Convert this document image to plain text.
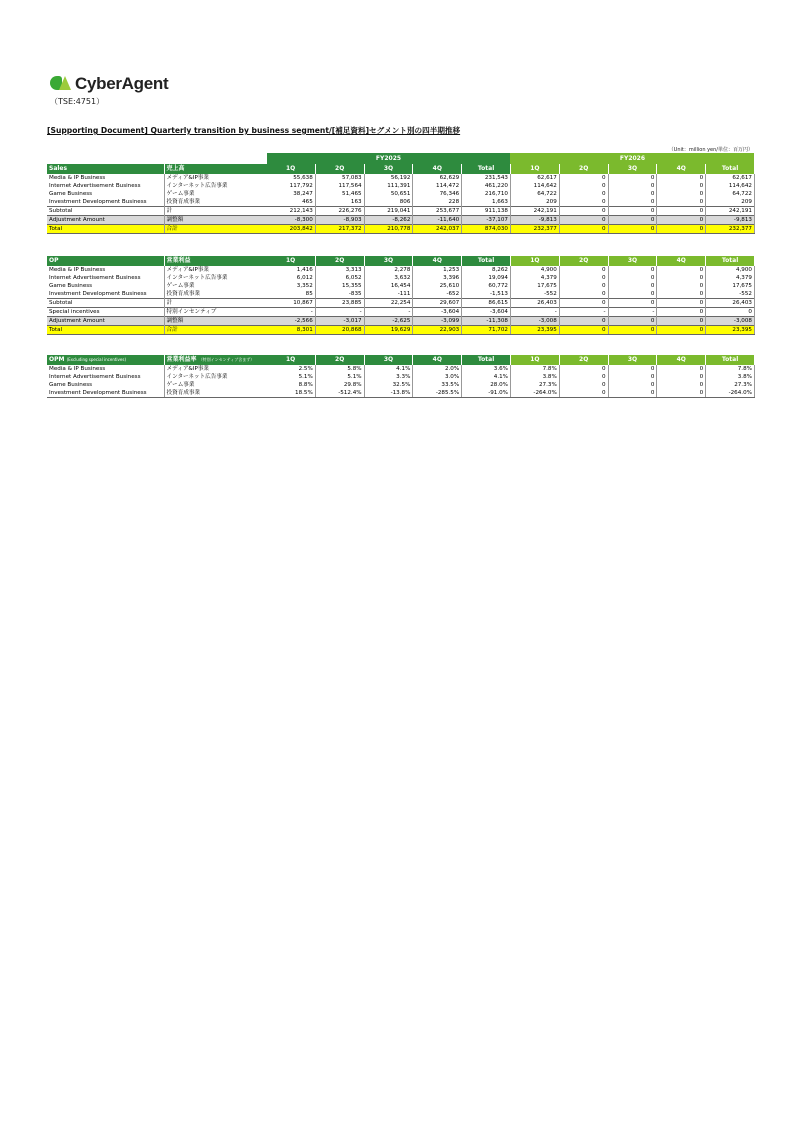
CyberAgent
（TSE:4751）
[Supporting Document] Quarterly transition by business segment/[補足資料]セグメント別の四半期推移
（Unit：million yen/単位：百万円）
		FY2025					FY2026				
Sales	売上高	1Q	2Q	3Q	4Q	Total	1Q	2Q	3Q	4Q	Total
Media & IP Business	メディア&IP事業	55,638	57,083	56,192	62,629	231,543	62,617	0	0	0	62,617
Internet Advertisement Business	インターネット広告事業	117,792	117,564	111,391	114,472	461,220	114,642	0	0	0	114,642
Game Business	ゲーム事業	38,247	51,465	50,651	76,346	216,710	64,722	0	0	0	64,722
Investment Development Business	投資育成事業	465	163	806	228	1,663	209	0	0	0	209
Subtotal	計	212,143	226,276	219,041	253,677	911,138	242,191	0	0	0	242,191
Adjustment Amount	調整額	-8,300	-8,903	-8,262	-11,640	-37,107	-9,813	0	0	0	-9,813
Total	合計	203,842	217,372	210,778	242,037	874,030	232,377	0	0	0	232,377
OP	営業利益	1Q	2Q	3Q	4Q	Total	1Q	2Q	3Q	4Q	Total
Media & IP Business	メディア&IP事業	1,416	3,313	2,278	1,253	8,262	4,900	0	0	0	4,900
Internet Advertisement Business	インターネット広告事業	6,012	6,052	3,632	3,396	19,094	4,379	0	0	0	4,379
Game Business	ゲーム事業	3,352	15,355	16,454	25,610	60,772	17,675	0	0	0	17,675
Investment Development Business	投資育成事業	85	-835	-111	-652	-1,513	-552	0	0	0	-552
Subtotal	計	10,867	23,885	22,254	29,607	86,615	26,403	0	0	0	26,403
Special incentives	特別インセンティブ	-	-	-	-3,604	-3,604	-	-	-	0	0
Adjustment Amount	調整額	-2,566	-3,017	-2,625	-3,099	-11,308	-3,008	0	0	0	-3,008
Total	合計	8,301	20,868	19,629	22,903	71,702	23,395	0	0	0	23,395
OPM (Excluding special incentives)	営業利益率 （特別インセンティブ含まず）	1Q	2Q	3Q	4Q	Total	1Q	2Q	3Q	4Q	Total
Media & IP Business	メディア&IP事業	2.5%	5.8%	4.1%	2.0%	3.6%	7.8%	0	0	0	7.8%
Internet Advertisement Business	インターネット広告事業	5.1%	5.1%	3.3%	3.0%	4.1%	3.8%	0	0	0	3.8%
Game Business	ゲーム事業	8.8%	29.8%	32.5%	33.5%	28.0%	27.3%	0	0	0	27.3%
Investment Development Business	投資育成事業	18.5%	-512.4%	-13.8%	-285.5%	-91.0%	-264.0%	0	0	0	-264.0%
